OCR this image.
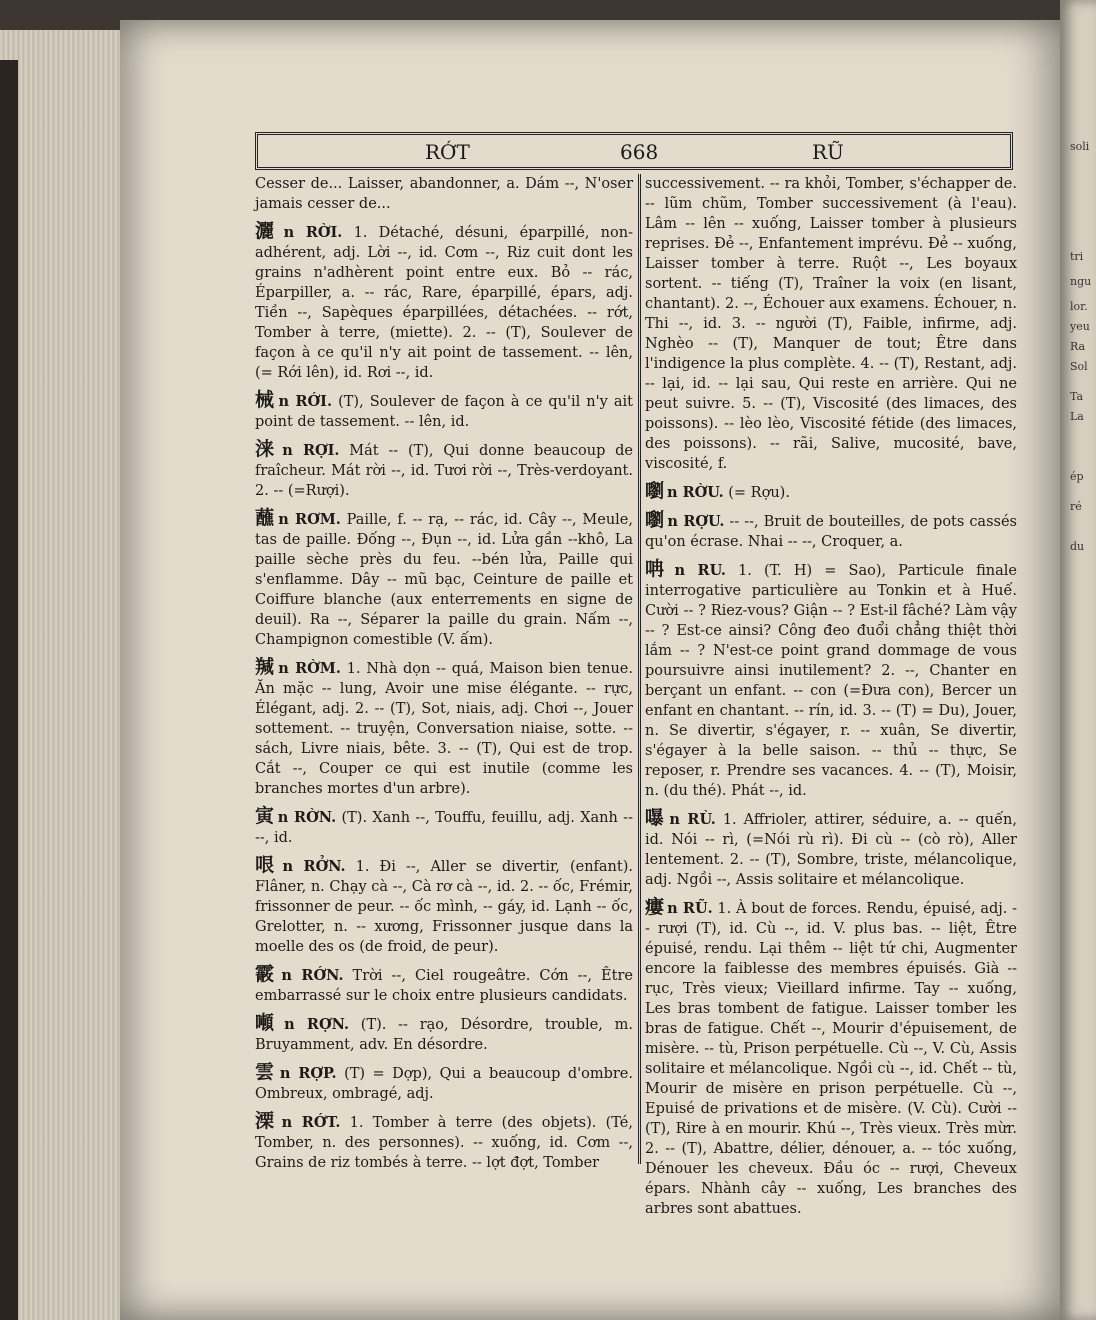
soli
tri
ngu
lor.
yeu
Ra
Sol
Ta
La
ép
ré
du
RỚT	668	RŨ

Cesser de... Laisser, abandonner, a. Dám --, N'oser jamais cesser de...

灑 n RỜI. 1. Détaché, désuni, éparpillé, non-adhérent, adj. Lời --, id. Cơm --, Riz cuit dont les grains n'adhèrent point entre eux. Bỏ -- rác, Éparpiller, a. -- rác, Rare, éparpillé, épars, adj. Tiền --, Sapèques éparpillées, détachées. -- rớt, Tomber à terre, (miette). 2. -- (T), Soulever de façon à ce qu'il n'y ait point de tassement. -- lên, (= Rới lên), id. Rơi --, id.

械 n RỚI. (T), Soulever de façon à ce qu'il n'y ait point de tassement. -- lên, id.

涞 n RỢI. Mát -- (T), Qui donne beaucoup de fraîcheur. Mát rời --, id. Tươi rời --, Très-verdoyant. 2. -- (=Rượi).

蘸 n RƠM. Paille, f. -- rạ, -- rác, id. Cây --, Meule, tas de paille. Đống --, Đụn --, id. Lửa gần --khô, La paille sèche près du feu. --bén lửa, Paille qui s'enflamme. Dây -- mũ bạc, Ceinture de paille et Coiffure blanche (aux enterrements en signe de deuil). Ra --, Séparer la paille du grain. Nấm --, Champignon comestible (V. ấm).

羬 n RỜM. 1. Nhà dọn -- quá, Maison bien tenue. Ăn mặc -- lung, Avoir une mise élégante. -- rực, Élégant, adj. 2. -- (T), Sot, niais, adj. Chơi --, Jouer sottement. -- truyện, Conversation niaise, sotte. -- sách, Livre niais, bête. 3. -- (T), Qui est de trop. Cắt --, Couper ce qui est inutile (comme les branches mortes d'un arbre).

寅 n RỜN. (T). Xanh --, Touffu, feuillu, adj. Xanh -- --, id.

哏 n RỞN. 1. Đi --, Aller se divertir, (enfant). Flâner, n. Chạy cà --, Cà rơ cà --, id. 2. -- ốc, Frémir, frissonner de peur. -- ốc mình, -- gáy, id. Lạnh -- ốc, Grelotter, n. -- xương, Frissonner jusque dans la moelle des os (de froid, de peur).

霰 n RỚN. Trời --, Ciel rougeâtre. Cớn --, Être embarrassé sur le choix entre plusieurs candidats.

噸 n RỢN. (T). -- rạo, Désordre, trouble, m. Bruyamment, adv. En désordre.

雲 n RỢP. (T) = Dợp), Qui a beaucoup d'ombre. Ombreux, ombragé, adj.

溧 n RỚT. 1. Tomber à terre (des objets). (Té, Tomber, n. des personnes). -- xuống, id. Cơm --, Grains de riz tombés à terre. -- lợt đợt, Tomber

successivement. -- ra khỏi, Tomber, s'échapper de. -- lũm chũm, Tomber successivement (à l'eau). Lâm -- lên -- xuống, Laisser tomber à plusieurs reprises. Đẻ --, Enfantement imprévu. Đẻ -- xuống, Laisser tomber à terre. Ruột --, Les boyaux sortent. -- tiếng (T), Traîner la voix (en lisant, chantant). 2. --, Échouer aux examens. Échouer, n. Thi --, id. 3. -- người (T), Faible, infirme, adj. Nghèo -- (T), Manquer de tout; Être dans l'indigence la plus complète. 4. -- (T), Restant, adj. -- lại, id. -- lại sau, Qui reste en arrière. Qui ne peut suivre. 5. -- (T), Viscosité (des limaces, des poissons). -- lèo lèo, Viscosité fétide (des limaces, des poissons). -- rãi, Salive, mucosité, bave, viscosité, f.

嚠 n RỜU. (= Rợu).

嚠 n RỢU. -- --, Bruit de bouteilles, de pots cassés qu'on écrase. Nhai -- --, Croquer, a.

呥 n RU. 1. (T. H) = Sao), Particule finale interrogative particulière au Tonkin et à Huế. Cười -- ? Riez-vous? Giận -- ? Est-il fâché? Làm vậy -- ? Est-ce ainsi? Công đeo đuổi chẳng thiệt thời lắm -- ? N'est-ce point grand dommage de vous poursuivre ainsi inutilement? 2. --, Chanter en berçant un enfant. -- con (=Đưa con), Bercer un enfant en chantant. -- rín, id. 3. -- (T) = Du), Jouer, n. Se divertir, s'égayer, r. -- xuân, Se divertir, s'égayer à la belle saison. -- thủ -- thực, Se reposer, r. Prendre ses vacances. 4. -- (T), Moisir, n. (du thé). Phát --, id.

嚗 n RÙ. 1. Affrioler, attirer, séduire, a. -- quến, id. Nói -- rì, (=Nói rù rì). Đi cù -- (cò rò), Aller lentement. 2. -- (T), Sombre, triste, mélancolique, adj. Ngồi --, Assis solitaire et mélancolique.

瘻 n RŨ. 1. À bout de forces. Rendu, épuisé, adj. -- rượi (T), id. Cù --, id. V. plus bas. -- liệt, Être épuisé, rendu. Lại thêm -- liệt tứ chi, Augmenter encore la faiblesse des membres épuisés. Già -- rục, Très vieux; Vieillard infirme. Tay -- xuống, Les bras tombent de fatigue. Laisser tomber les bras de fatigue. Chết --, Mourir d'épuisement, de misère. -- tù, Prison perpétuelle. Cù --, V. Cù, Assis solitaire et mélancolique. Ngồi cù --, id. Chết -- tù, Mourir de misère en prison perpétuelle. Cù --, Epuisé de privations et de misère. (V. Cù). Cười -- (T), Rire à en mourir. Khú --, Très vieux. Très mừr. 2. -- (T), Abattre, délier, dénouer, a. -- tóc xuống, Dénouer les cheveux. Đầu óc -- rượi, Cheveux épars. Nhành cây -- xuống, Les branches des arbres sont abattues.
